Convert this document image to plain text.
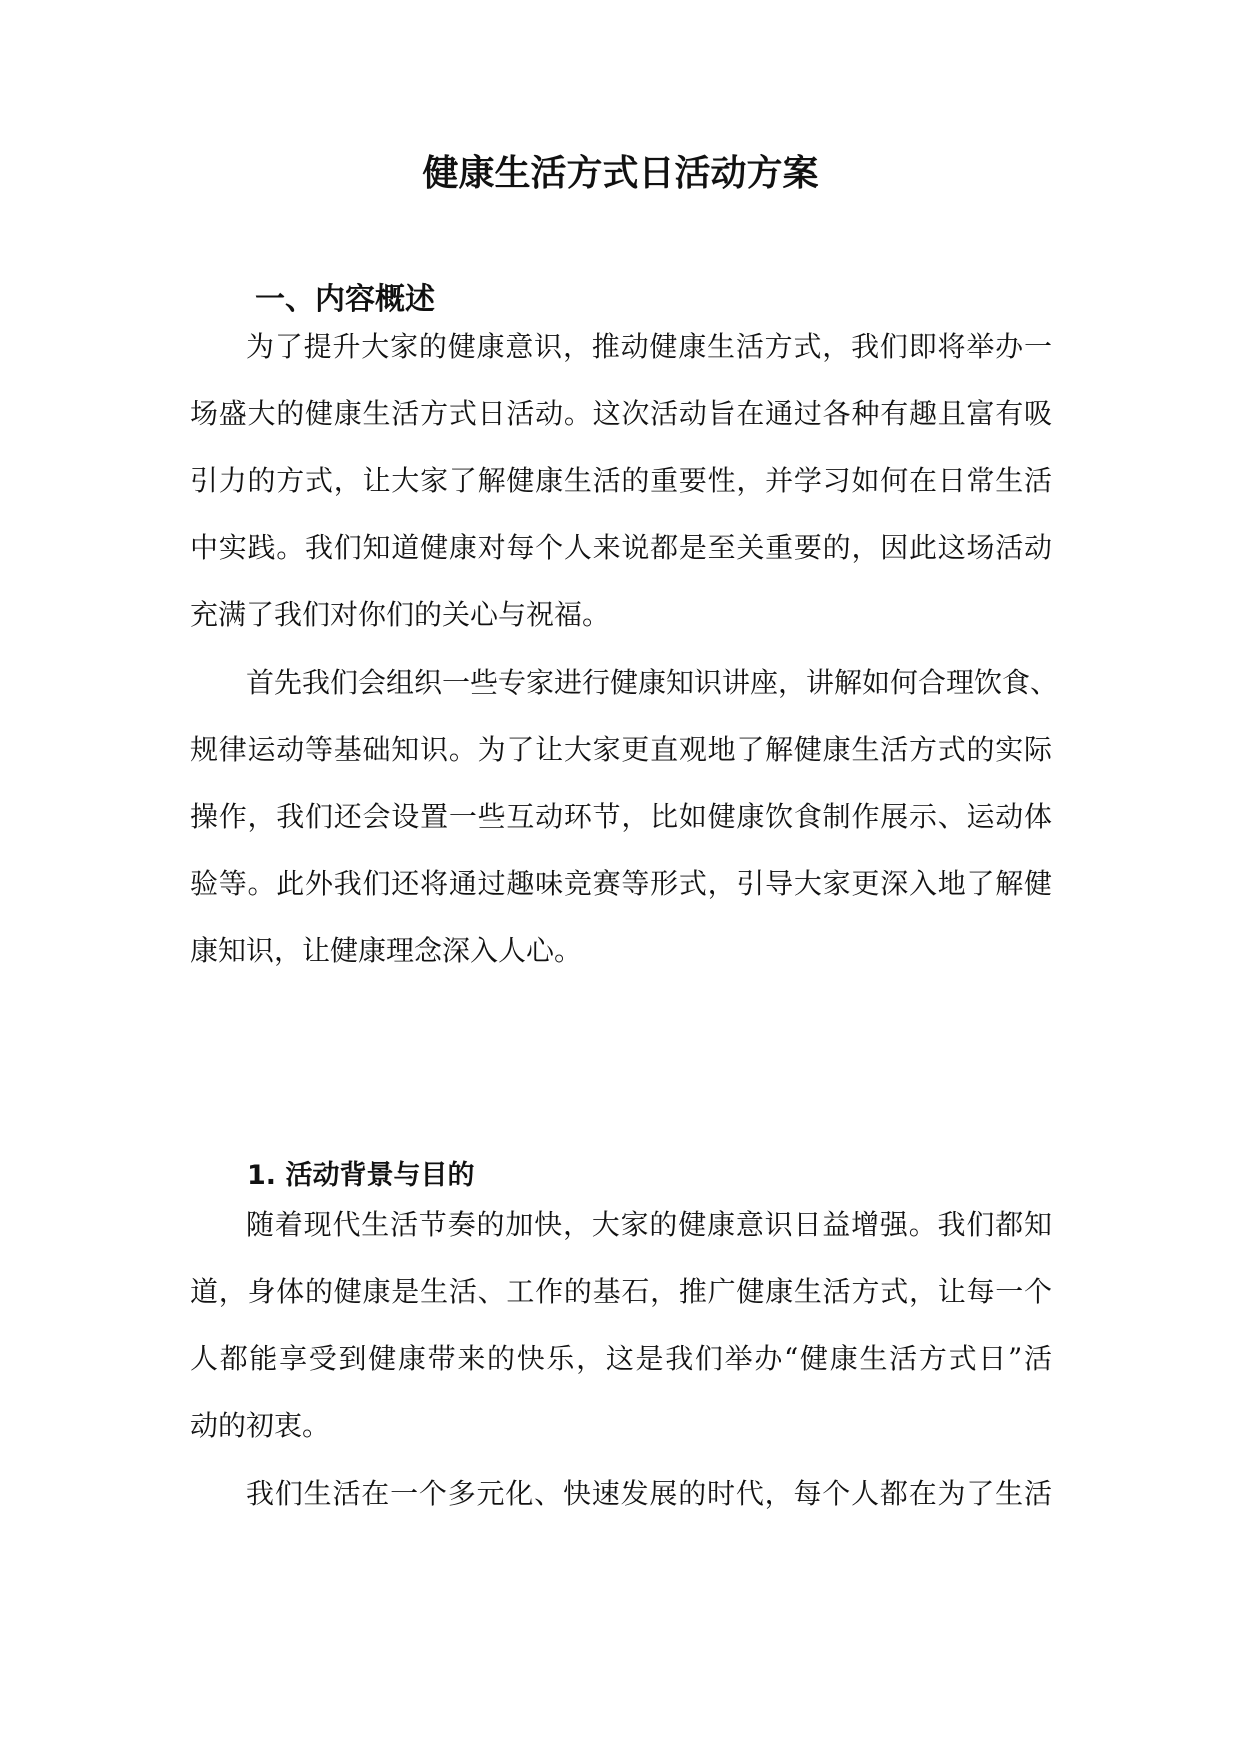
健康生活方式日活动方案
一、内容概述
为了提升大家的健康意识，推动健康生活方式，我们即将举办一
场盛大的健康生活方式日活动。这次活动旨在通过各种有趣且富有吸
引力的方式，让大家了解健康生活的重要性，并学习如何在日常生活
中实践。我们知道健康对每个人来说都是至关重要的，因此这场活动
充满了我们对你们的关心与祝福。
首先我们会组织一些专家进行健康知识讲座，讲解如何合理饮食、
规律运动等基础知识。为了让大家更直观地了解健康生活方式的实际
操作，我们还会设置一些互动环节，比如健康饮食制作展示、运动体
验等。此外我们还将通过趣味竞赛等形式，引导大家更深入地了解健
康知识，让健康理念深入人心。
1. 活动背景与目的
随着现代生活节奏的加快，大家的健康意识日益增强。我们都知
道，身体的健康是生活、工作的基石，推广健康生活方式，让每一个
人都能享受到健康带来的快乐，这是我们举办“健康生活方式日”活
动的初衷。
我们生活在一个多元化、快速发展的时代，每个人都在为了生活
